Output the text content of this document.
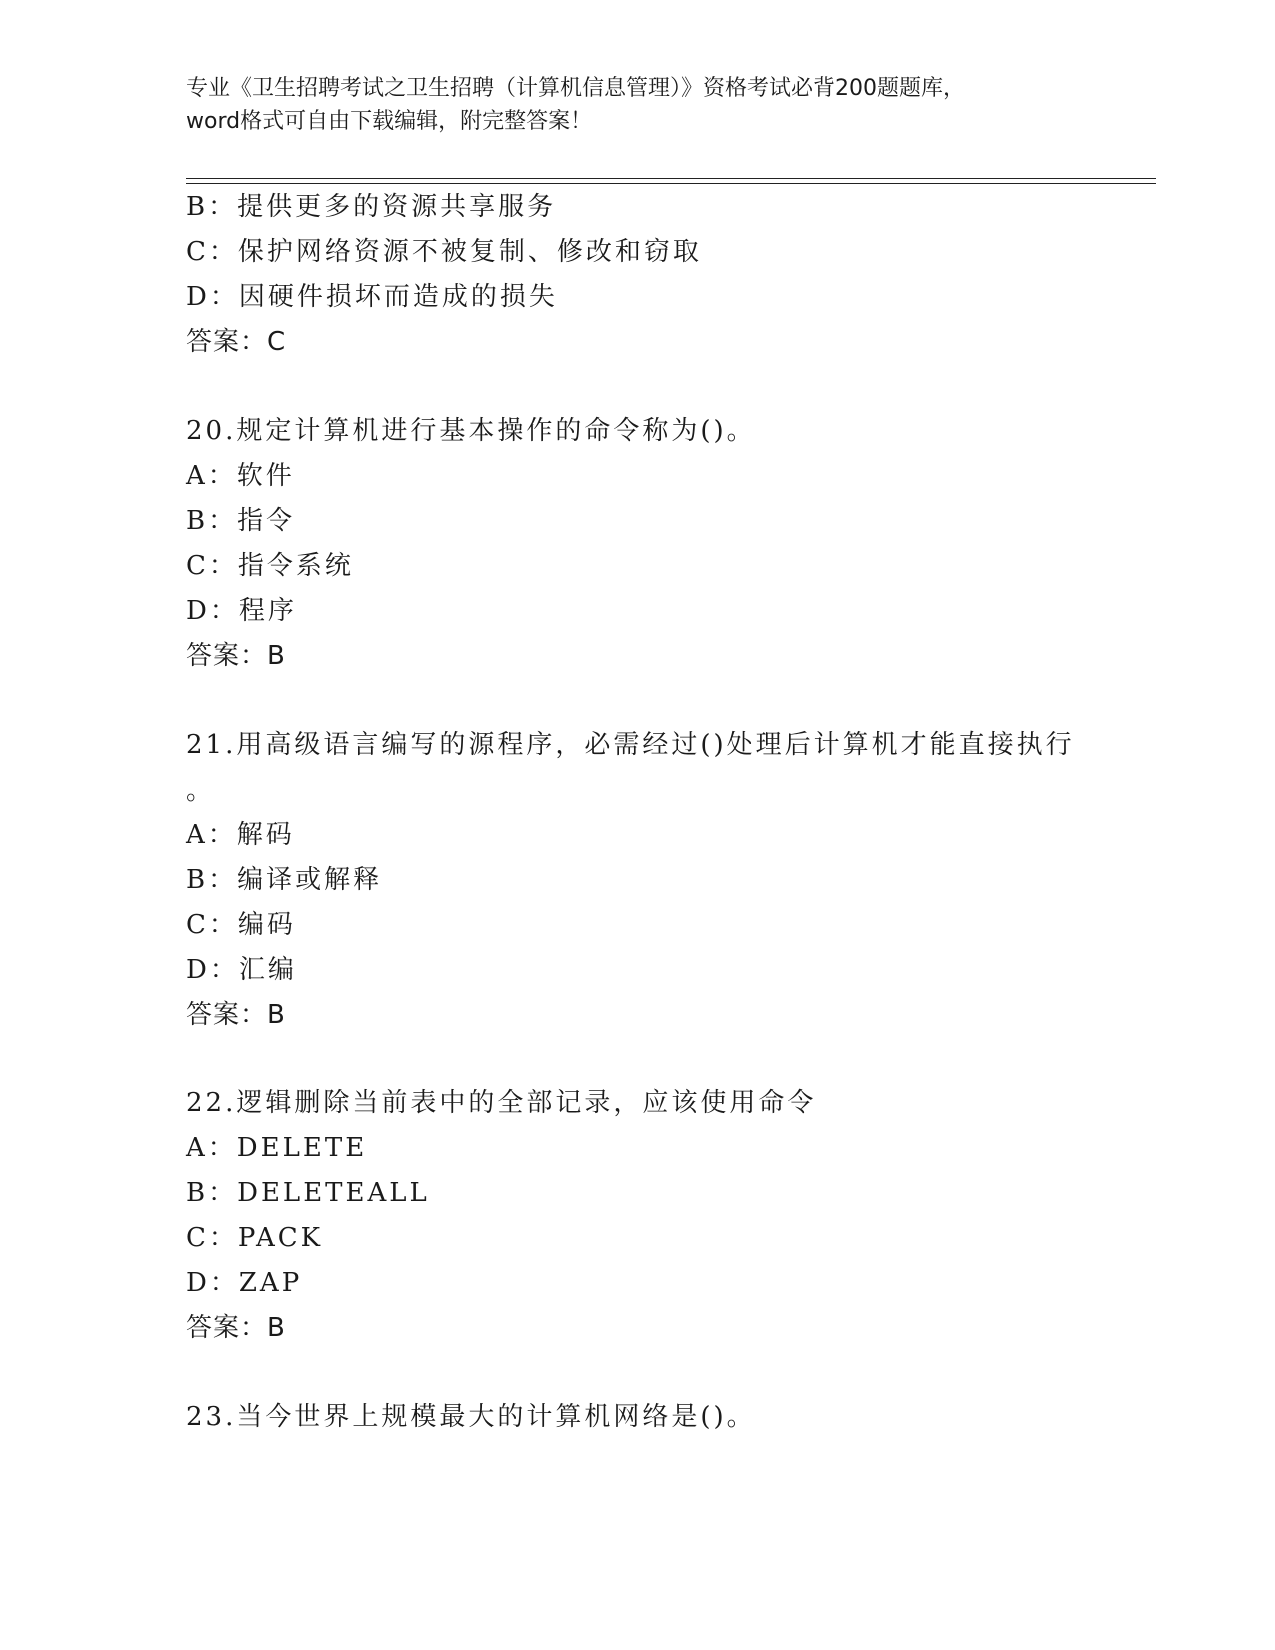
专业《卫生招聘考试之卫生招聘（计算机信息管理）》资格考试必背200题题库，
word格式可自由下载编辑，附完整答案！
B：提供更多的资源共享服务
C：保护网络资源不被复制、修改和窃取
D：因硬件损坏而造成的损失
答案：C
20.规定计算机进行基本操作的命令称为()。
A：软件
B：指令
C：指令系统
D：程序
答案：B
21.用高级语言编写的源程序，必需经过()处理后计算机才能直接执行
。
A：解码
B：编译或解释
C：编码
D：汇编
答案：B
22.逻辑删除当前表中的全部记录，应该使用命令
A：DELETE
B：DELETEALL
C：PACK
D：ZAP
答案：B
23.当今世界上规模最大的计算机网络是()。
